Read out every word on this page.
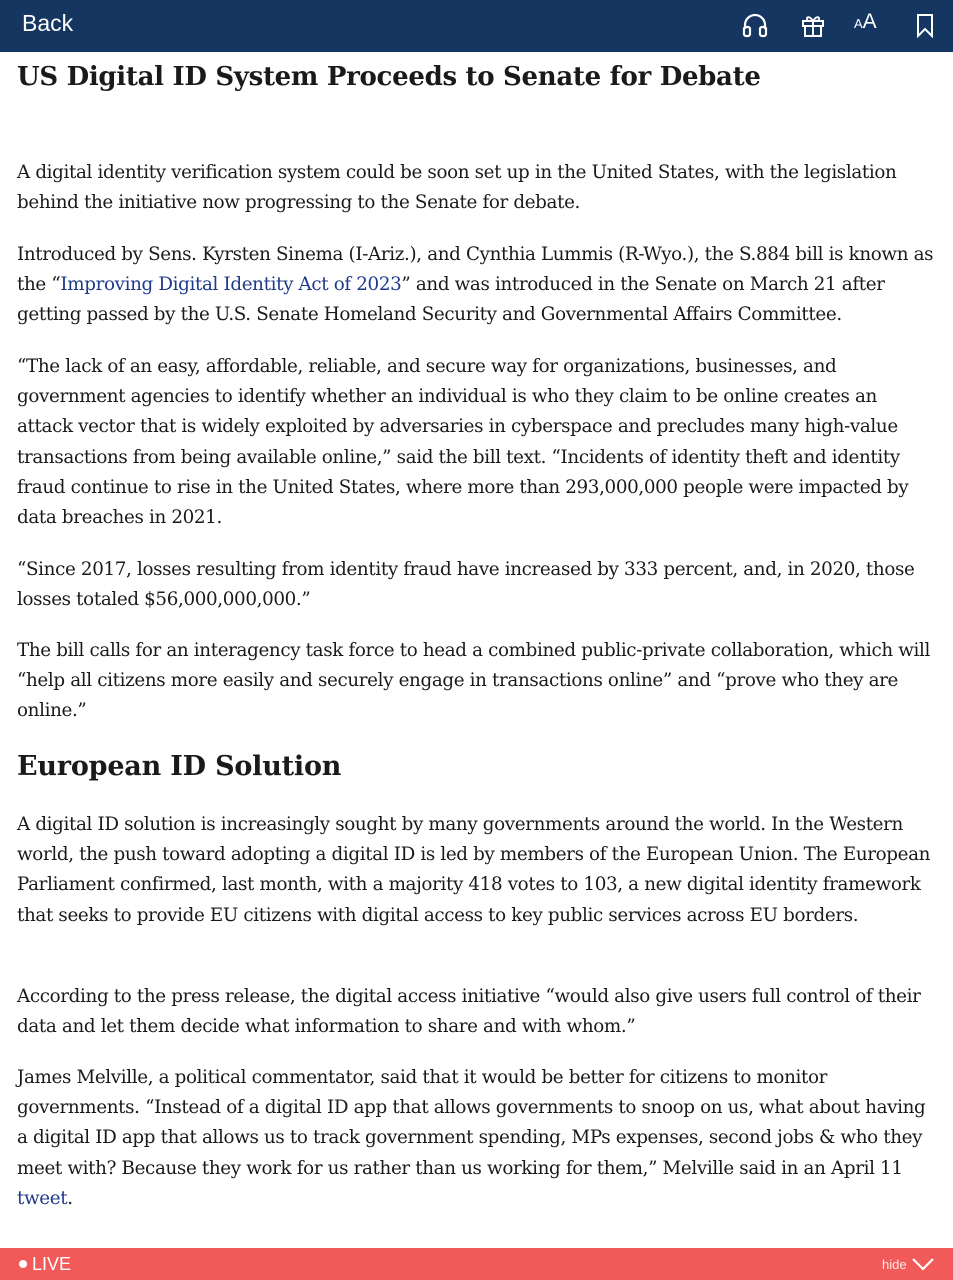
Back	AA
US Digital ID System Proceeds to Senate for Debate

A digital identity verification system could be soon set up in the United States, with the legislation behind the initiative now progressing to the Senate for debate.

Introduced by Sens. Kyrsten Sinema (I-Ariz.), and Cynthia Lummis (R-Wyo.), the S.884 bill is known as the “Improving Digital Identity Act of 2023” and was introduced in the Senate on March 21 after getting passed by the U.S. Senate Homeland Security and Governmental Affairs Committee.

“The lack of an easy, affordable, reliable, and secure way for organizations, businesses, and government agencies to identify whether an individual is who they claim to be online creates an attack vector that is widely exploited by adversaries in cyberspace and precludes many high-value transactions from being available online,” said the bill text. “Incidents of identity theft and identity fraud continue to rise in the United States, where more than 293,000,000 people were impacted by data breaches in 2021.

“Since 2017, losses resulting from identity fraud have increased by 333 percent, and, in 2020, those losses totaled $56,000,000,000.”

The bill calls for an interagency task force to head a combined public-private collaboration, which will “help all citizens more easily and securely engage in transactions online” and “prove who they are online.”

European ID Solution

A digital ID solution is increasingly sought by many governments around the world. In the Western world, the push toward adopting a digital ID is led by members of the European Union. The European Parliament confirmed, last month, with a majority 418 votes to 103, a new digital identity framework that seeks to provide EU citizens with digital access to key public services across EU borders.

According to the press release, the digital access initiative “would also give users full control of their data and let them decide what information to share and with whom.”

James Melville, a political commentator, said that it would be better for citizens to monitor governments. “Instead of a digital ID app that allows governments to snoop on us, what about having a digital ID app that allows us to track government spending, MPs expenses, second jobs & who they meet with? Because they work for us rather than us working for them,” Melville said in an April 11 tweet.

LIVE	hide
